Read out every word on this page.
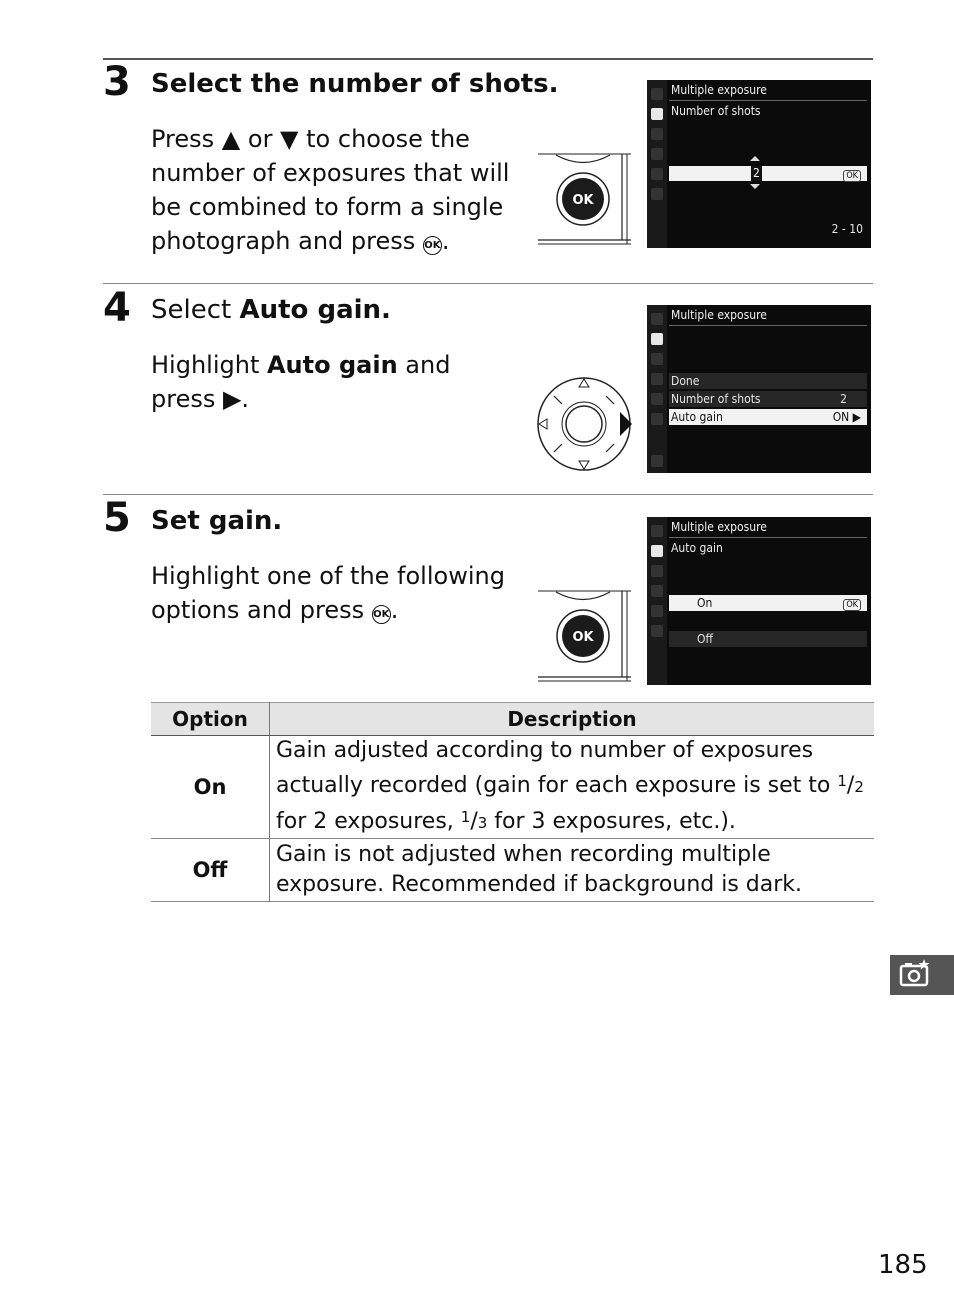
3 Select the number of shots.
Press ▲ or ▼ to choose the number of exposures that will be combined to form a single photograph and press OK.
OK
Multiple exposure
Number of shots
2	OK
2 - 10
4 Select Auto gain.
Highlight Auto gain and press ▶.
Multiple exposure
Done
Number of shots	2
Auto gain	ON ▶
5 Set gain.
Highlight one of the following options and press OK.
OK
Multiple exposure
Auto gain
On	OK
Off
Option	Description
On	Gain adjusted according to number of exposures actually recorded (gain for each exposure is set to $^1$/2 for 2 exposures, $^1$/3 for 3 exposures, etc.).
Off	Gain is not adjusted when recording multiple exposure. Recommended if background is dark.
185
